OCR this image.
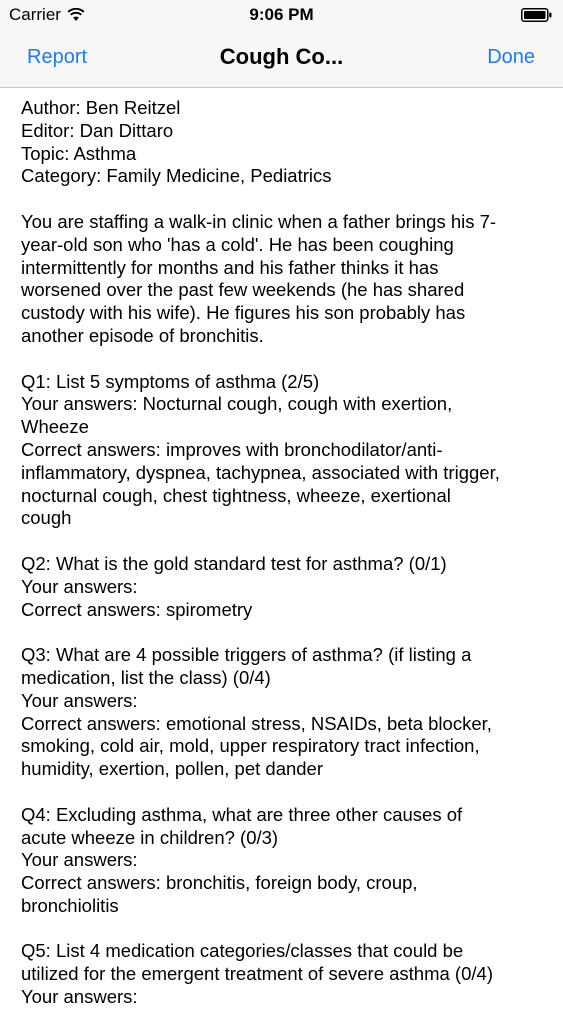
Carrier	9:06 PM
Report	Cough Co...	Done
Author: Ben Reitzel
Editor: Dan Dittaro
Topic: Asthma
Category: Family Medicine, Pediatrics
You are staffing a walk-in clinic when a father brings his 7-
year-old son who 'has a cold'. He has been coughing
intermittently for months and his father thinks it has
worsened over the past few weekends (he has shared
custody with his wife). He figures his son probably has
another episode of bronchitis.
Q1: List 5 symptoms of asthma (2/5)
Your answers: Nocturnal cough, cough with exertion,
Wheeze
Correct answers: improves with bronchodilator/anti-
inflammatory, dyspnea, tachypnea, associated with trigger,
nocturnal cough, chest tightness, wheeze, exertional
cough
Q2: What is the gold standard test for asthma? (0/1)
Your answers:
Correct answers: spirometry
Q3: What are 4 possible triggers of asthma? (if listing a
medication, list the class) (0/4)
Your answers:
Correct answers: emotional stress, NSAIDs, beta blocker,
smoking, cold air, mold, upper respiratory tract infection,
humidity, exertion, pollen, pet dander
Q4: Excluding asthma, what are three other causes of
acute wheeze in children? (0/3)
Your answers:
Correct answers: bronchitis, foreign body, croup,
bronchiolitis
Q5: List 4 medication categories/classes that could be
utilized for the emergent treatment of severe asthma (0/4)
Your answers:
